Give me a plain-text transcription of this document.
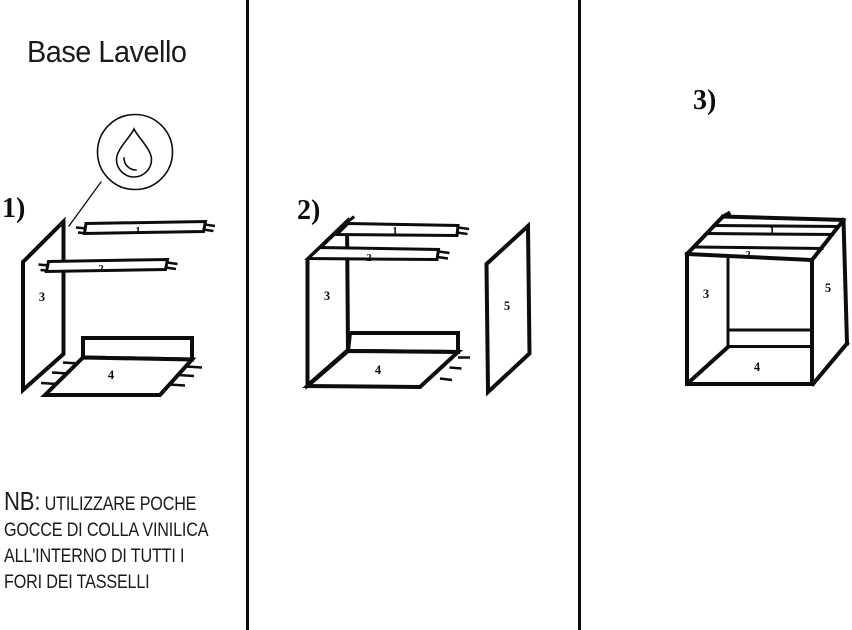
Base Lavello
1)	2)
3)
3
1
2
4
3
1
2
4
5
1
2
3	5
4
NB: UTILIZZARE POCHE
GOCCE DI COLLA VINILICA
ALL'INTERNO DI TUTTI I
FORI DEI TASSELLI
